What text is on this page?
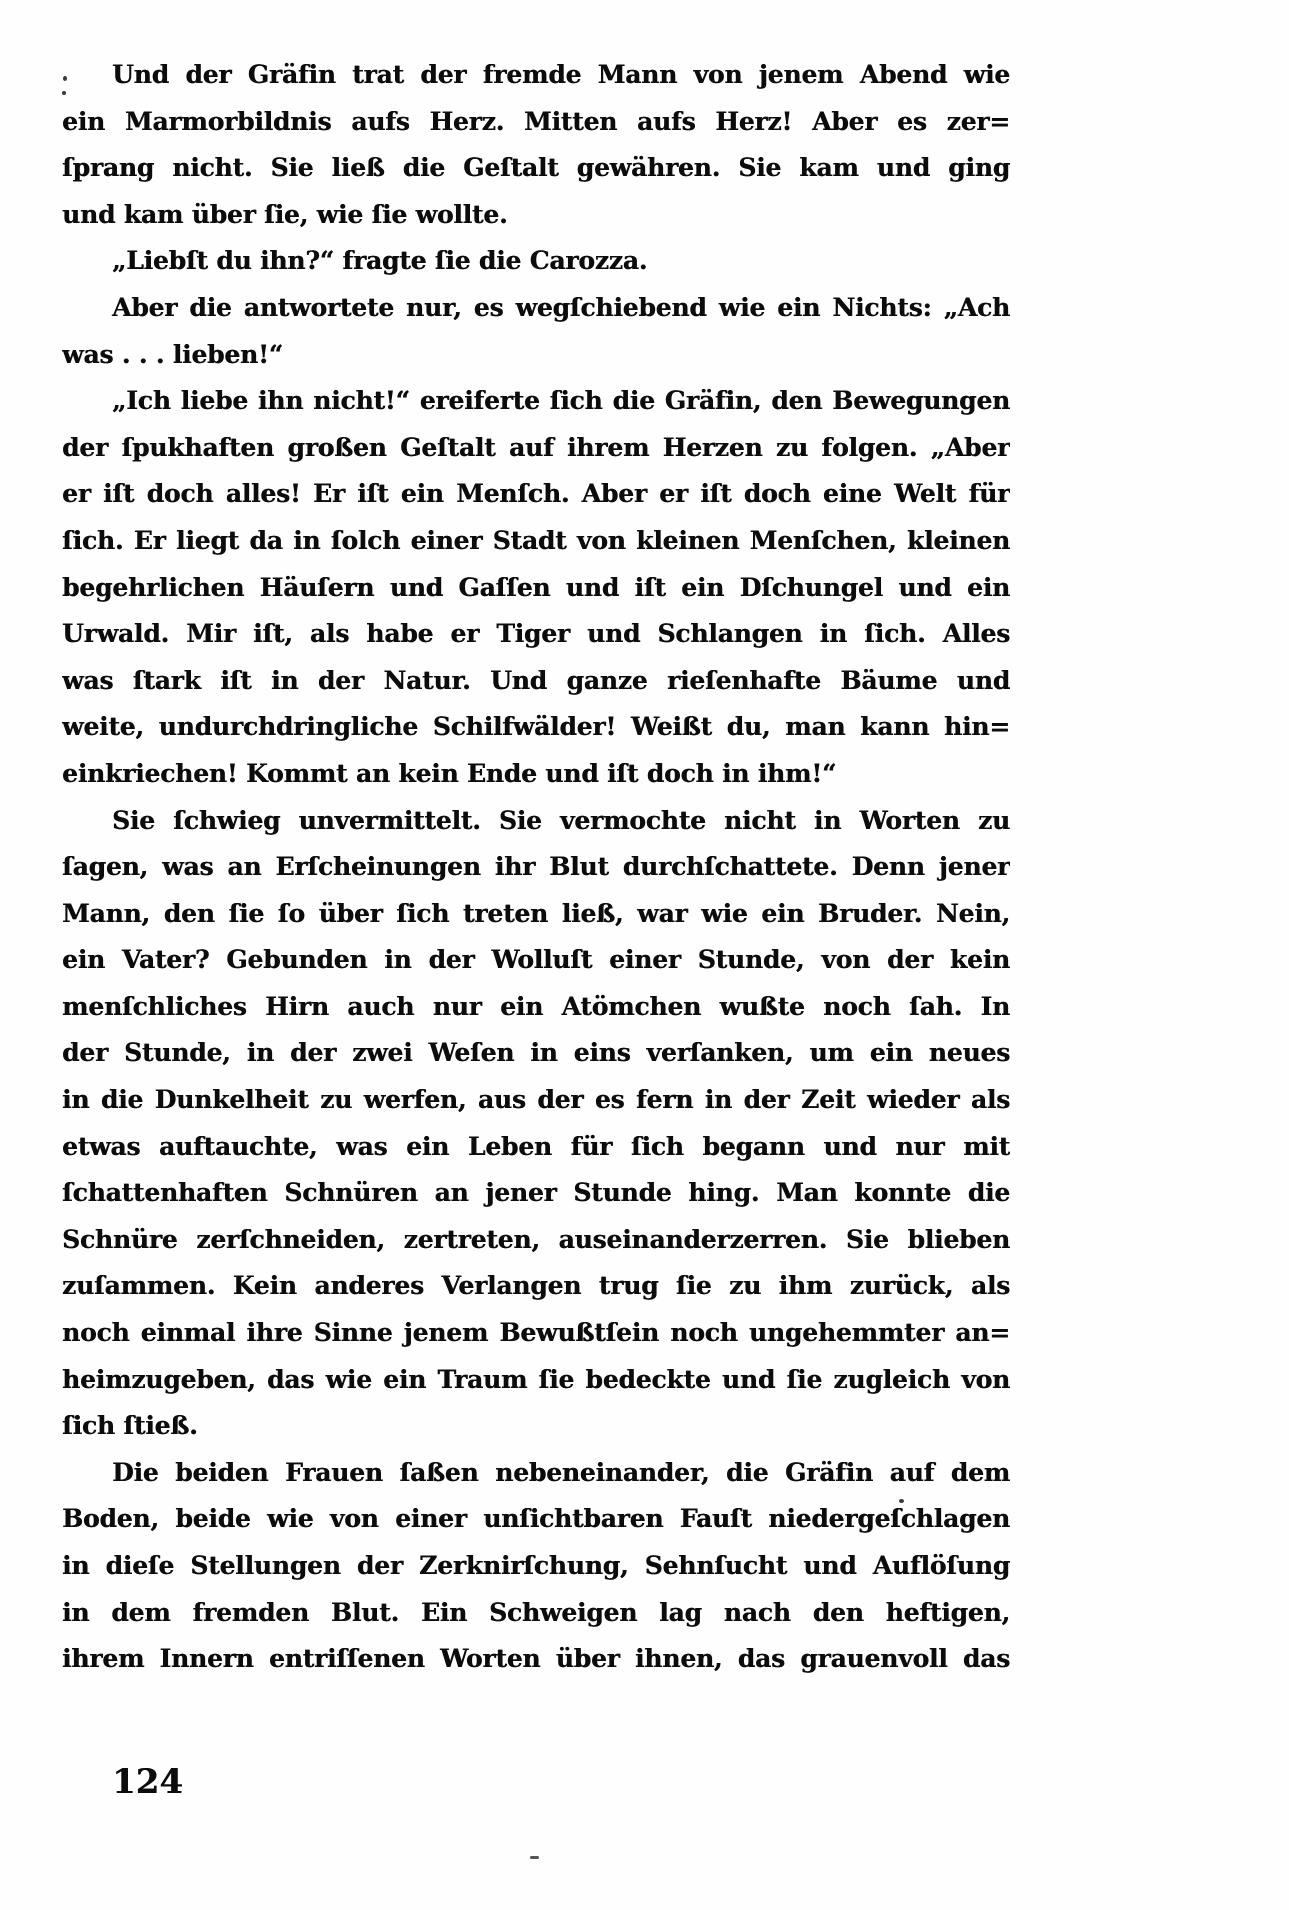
Und der Gräfin trat der fremde Mann von jenem Abend wie
ein Marmorbildnis aufs Herz. Mitten aufs Herz! Aber es zer=
ſprang nicht. Sie ließ die Geſtalt gewähren. Sie kam und ging
und kam über ſie, wie ſie wollte.
„Liebſt du ihn?“ fragte ſie die Carozza.
Aber die antwortete nur, es wegſchiebend wie ein Nichts: „Ach
was . . . lieben!“
„Ich liebe ihn nicht!“ ereiferte ſich die Gräfin, den Bewegungen
der ſpukhaften großen Geſtalt auf ihrem Herzen zu folgen. „Aber
er iſt doch alles! Er iſt ein Menſch. Aber er iſt doch eine Welt für
ſich. Er liegt da in ſolch einer Stadt von kleinen Menſchen, kleinen
begehrlichen Häuſern und Gaſſen und iſt ein Dſchungel und ein
Urwald. Mir iſt, als habe er Tiger und Schlangen in ſich. Alles
was ſtark iſt in der Natur. Und ganze rieſenhafte Bäume und
weite, undurchdringliche Schilfwälder! Weißt du, man kann hin=
einkriechen! Kommt an kein Ende und iſt doch in ihm!“
Sie ſchwieg unvermittelt. Sie vermochte nicht in Worten zu
ſagen, was an Erſcheinungen ihr Blut durchſchattete. Denn jener
Mann, den ſie ſo über ſich treten ließ, war wie ein Bruder. Nein,
ein Vater? Gebunden in der Wolluſt einer Stunde, von der kein
menſchliches Hirn auch nur ein Atömchen wußte noch ſah. In
der Stunde, in der zwei Weſen in eins verſanken, um ein neues
in die Dunkelheit zu werfen, aus der es fern in der Zeit wieder als
etwas auftauchte, was ein Leben für ſich begann und nur mit
ſchattenhaften Schnüren an jener Stunde hing. Man konnte die
Schnüre zerſchneiden, zertreten, auseinanderzerren. Sie blieben
zuſammen. Kein anderes Verlangen trug ſie zu ihm zurück, als
noch einmal ihre Sinne jenem Bewußtſein noch ungehemmter an=
heimzugeben, das wie ein Traum ſie bedeckte und ſie zugleich von
ſich ſtieß.
Die beiden Frauen ſaßen nebeneinander, die Gräfin auf dem
Boden, beide wie von einer unſichtbaren Fauſt niedergeſchlagen
in dieſe Stellungen der Zerknirſchung, Sehnſucht und Auflöſung
in dem fremden Blut. Ein Schweigen lag nach den heftigen,
ihrem Innern entriſſenen Worten über ihnen, das grauenvoll das
124
